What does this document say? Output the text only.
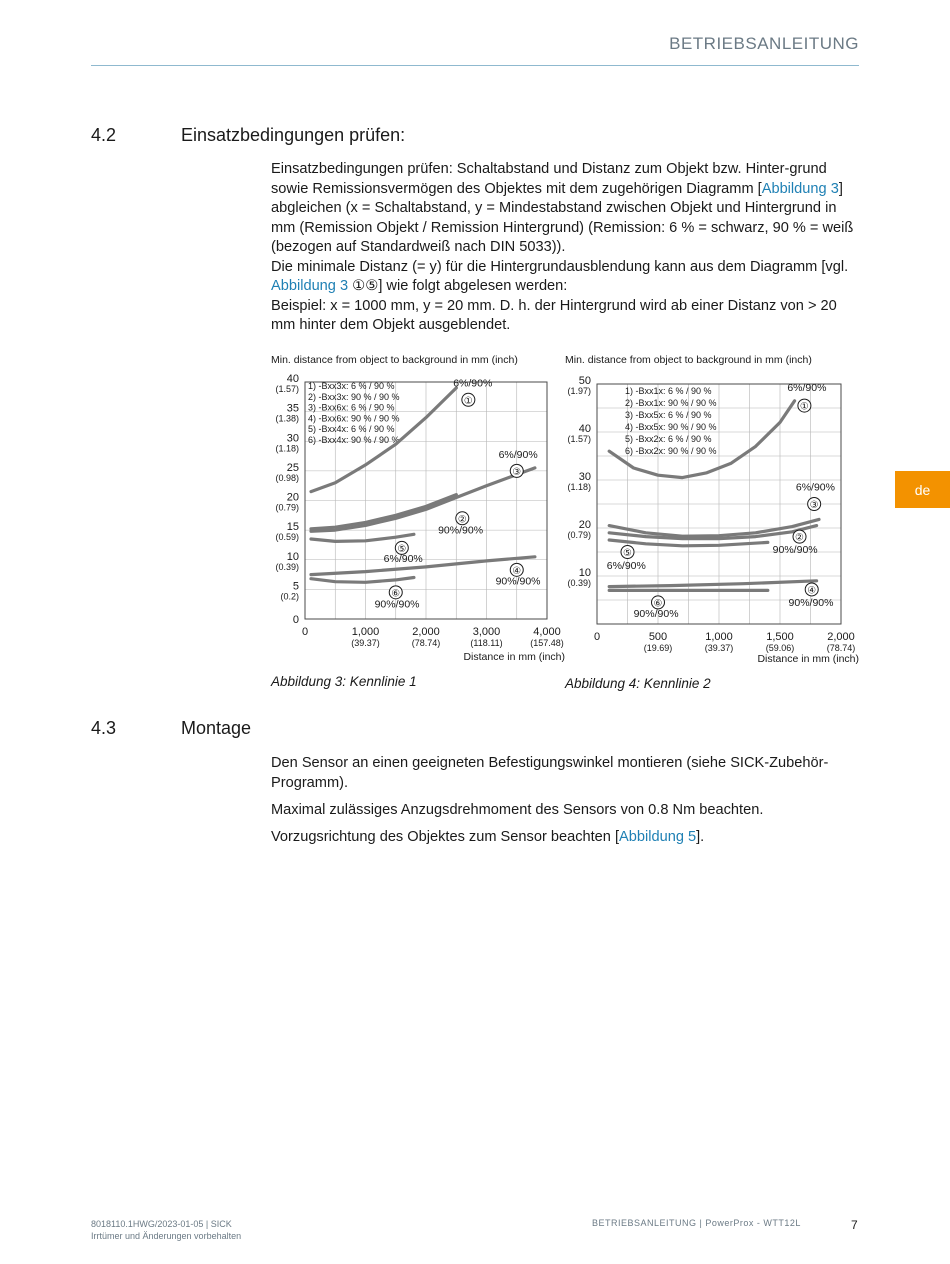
BETRIEBSANLEITUNG
de
4.2	Einsatzbedingungen prüfen:

Einsatzbedingungen prüfen: Schaltabstand und Distanz zum Objekt bzw. Hinter-grund sowie Remissionsvermögen des Objektes mit dem zugehörigen Diagramm [Abbildung 3] abgleichen (x = Schaltabstand, y = Mindestabstand zwischen Objekt und Hintergrund in mm (Remission Objekt / Remission Hintergrund) (Remission: 6 % = schwarz, 90 % = weiß (bezogen auf Standardweiß nach DIN 5033)).

Die minimale Distanz (= y) für die Hintergrundausblendung kann aus dem Diagramm [vgl. Abbildung 3 ①⑤] wie folgt abgelesen werden:

Beispiel: x = 1000 mm, y = 20 mm. D. h. der Hintergrund wird ab einer Distanz von > 20 mm hinter dem Objekt ausgeblendet.

Min. distance from object to background in mm (inch)
0
5
(0.2)
10
(0.39)
15
(0.59)
20
(0.79)
25
(0.98)
30
(1.18)
35
(1.38)
40
(1.57)
0	1,000
(39.37)
2,000
(78.74)
3,000
(118.11)
4,000
(157.48)
Distance in mm (inch)
1) -Bxx3x: 6 % / 90 %
2) -Bxx3x: 90 % / 90 %
3) -Bxx6x: 6 % / 90 %
4) -Bxx6x: 90 % / 90 %
5) -Bxx4x: 6 % / 90 %
6) -Bxx4x: 90 % / 90 %
①
6%/90%
③
6%/90%
②
90%/90%
⑤
6%/90%
④
90%/90%
⑥
90%/90%
Abbildung 3: Kennlinie 1
Min. distance from object to background in mm (inch)
10
(0.39)
20
(0.79)
30
(1.18)
40
(1.57)
50
(1.97)
0	500
(19.69)
1,000
(39.37)
1,500
(59.06)
2,000
(78.74)
Distance in mm (inch)
1) -Bxx1x: 6 % / 90 %
2) -Bxx1x: 90 % / 90 %
3) -Bxx5x: 6 % / 90 %
4) -Bxx5x: 90 % / 90 %
5) -Bxx2x: 6 % / 90 %
6) -Bxx2x: 90 % / 90 %
①
6%/90%
③
6%/90%
②
90%/90%
⑤
6%/90%
④
90%/90%
⑥
90%/90%
Abbildung 4: Kennlinie 2
4.3	Montage

Den Sensor an einen geeigneten Befestigungswinkel montieren (siehe SICK-Zubehör-Programm).

Maximal zulässiges Anzugsdrehmoment des Sensors von 0.8 Nm beachten.

Vorzugsrichtung des Objektes zum Sensor beachten [Abbildung 5].

8018110.1HWG/2023-01-05 | SICK
Irrtümer und Änderungen vorbehalten
BETRIEBSANLEITUNG | PowerProx - WTT12L	7
